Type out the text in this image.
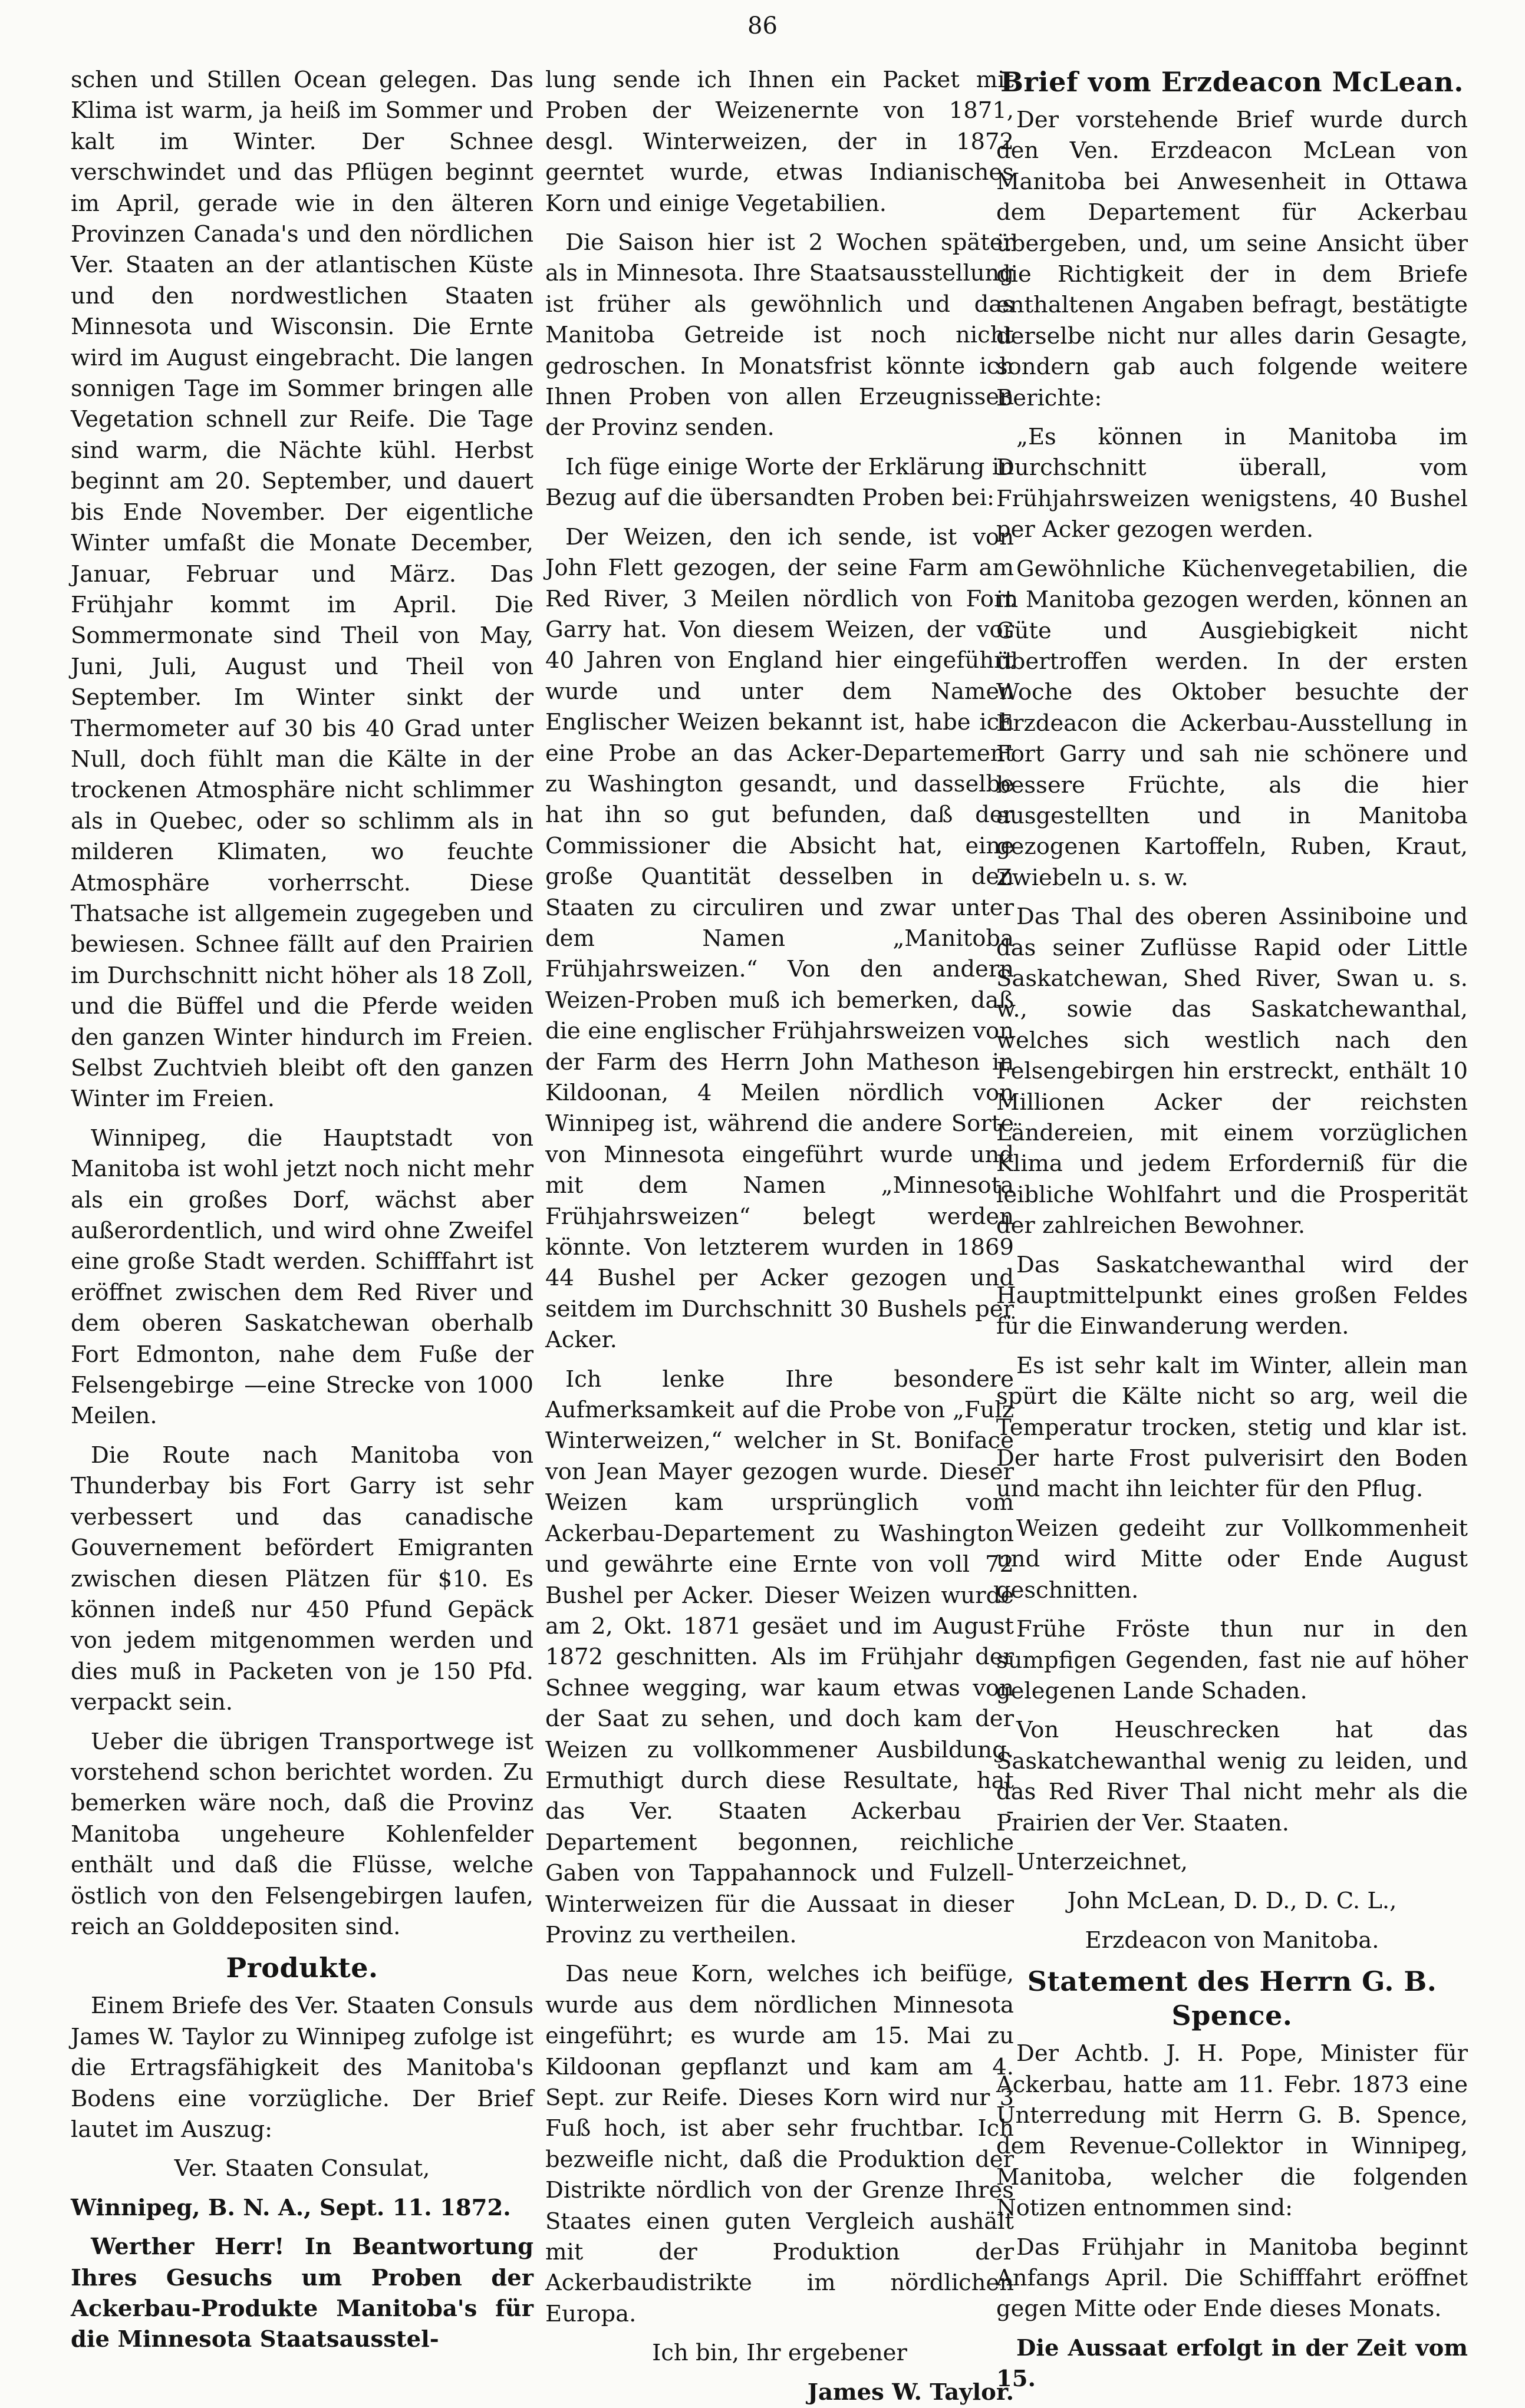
86

schen und Stillen Ocean gelegen. Das Klima ist warm, ja heiß im Sommer und kalt im Winter. Der Schnee verschwindet und das Pflügen beginnt im April, gerade wie in den älteren Provinzen Canada's und den nördlichen Ver. Staaten an der atlantischen Küste und den nordwestlichen Staaten Minnesota und Wisconsin. Die Ernte wird im August eingebracht. Die langen sonnigen Tage im Sommer bringen alle Vegetation schnell zur Reife. Die Tage sind warm, die Nächte kühl. Herbst beginnt am 20. September, und dauert bis Ende November. Der eigentliche Winter umfaßt die Monate December, Januar, Februar und März. Das Frühjahr kommt im April. Die Sommermonate sind Theil von May, Juni, Juli, August und Theil von September. Im Winter sinkt der Thermometer auf 30 bis 40 Grad unter Null, doch fühlt man die Kälte in der trockenen Atmosphäre nicht schlimmer als in Quebec, oder so schlimm als in milderen Klimaten, wo feuchte Atmosphäre vorherrscht. Diese Thatsache ist allgemein zugegeben und bewiesen. Schnee fällt auf den Prairien im Durchschnitt nicht höher als 18 Zoll, und die Büffel und die Pferde weiden den ganzen Winter hindurch im Freien. Selbst Zuchtvieh bleibt oft den ganzen Winter im Freien.

Winnipeg, die Hauptstadt von Manitoba ist wohl jetzt noch nicht mehr als ein großes Dorf, wächst aber außerordentlich, und wird ohne Zweifel eine große Stadt werden. Schifffahrt ist eröffnet zwischen dem Red River und dem oberen Saskatchewan oberhalb Fort Edmonton, nahe dem Fuße der Felsengebirge —eine Strecke von 1000 Meilen.

Die Route nach Manitoba von Thunderbay bis Fort Garry ist sehr verbessert und das canadische Gouvernement befördert Emigranten zwischen diesen Plätzen für $10. Es können indeß nur 450 Pfund Gepäck von jedem mitgenommen werden und dies muß in Packeten von je 150 Pfd. verpackt sein.

Ueber die übrigen Transportwege ist vorstehend schon berichtet worden. Zu bemerken wäre noch, daß die Provinz Manitoba ungeheure Kohlenfelder enthält und daß die Flüsse, welche östlich von den Felsengebirgen laufen, reich an Golddepositen sind.

Produkte.

Einem Briefe des Ver. Staaten Consuls James W. Taylor zu Winnipeg zufolge ist die Ertragsfähigkeit des Manitoba's Bodens eine vorzügliche. Der Brief lautet im Auszug:

Ver. Staaten Consulat,

Winnipeg, B. N. A., Sept. 11. 1872.

Werther Herr! In Beantwortung Ihres Gesuchs um Proben der Ackerbau-Produkte Manitoba's für die Minnesota Staatsausstel-

lung sende ich Ihnen ein Packet mit Proben der Weizenernte von 1871, desgl. Winterweizen, der in 1872 geerntet wurde, etwas Indianisches Korn und einige Vegetabilien.

Die Saison hier ist 2 Wochen später als in Minnesota. Ihre Staatsausstellung ist früher als gewöhnlich und das Manitoba Getreide ist noch nicht gedroschen. In Monatsfrist könnte ich Ihnen Proben von allen Erzeugnissen der Provinz senden.

Ich füge einige Worte der Erklärung in Bezug auf die übersandten Proben bei:

Der Weizen, den ich sende, ist von John Flett gezogen, der seine Farm am Red River, 3 Meilen nördlich von Fort Garry hat. Von diesem Weizen, der vor 40 Jahren von England hier eingeführt wurde und unter dem Namen Englischer Weizen bekannt ist, habe ich eine Probe an das Acker-Departement zu Washington gesandt, und dasselbe hat ihn so gut befunden, daß der Commissioner die Absicht hat, eine große Quantität desselben in den Staaten zu circuliren und zwar unter dem Namen „Manitoba Frühjahrsweizen.“ Von den andern Weizen-Proben muß ich bemerken, daß die eine englischer Frühjahrsweizen von der Farm des Herrn John Matheson in Kildoonan, 4 Meilen nördlich von Winnipeg ist, während die andere Sorte von Minnesota eingeführt wurde und mit dem Namen „Minnesota Frühjahrsweizen“ belegt werden könnte. Von letzterem wurden in 1869 44 Bushel per Acker gezogen und seitdem im Durchschnitt 30 Bushels per Acker.

Ich lenke Ihre besondere Aufmerksamkeit auf die Probe von „Fulz Winterweizen,“ welcher in St. Boniface von Jean Mayer gezogen wurde. Dieser Weizen kam ursprünglich vom Ackerbau-Departement zu Washington und gewährte eine Ernte von voll 72 Bushel per Acker. Dieser Weizen wurde am 2, Okt. 1871 gesäet und im August 1872 geschnitten. Als im Frühjahr der Schnee wegging, war kaum etwas von der Saat zu sehen, und doch kam der Weizen zu vollkommener Ausbildung. Ermuthigt durch diese Resultate, hat das Ver. Staaten Ackerbau - Departement begonnen, reichliche Gaben von Tappahannock und Fulzell-Winterweizen für die Aussaat in dieser Provinz zu vertheilen.

Das neue Korn, welches ich beifüge, wurde aus dem nördlichen Minnesota eingeführt; es wurde am 15. Mai zu Kildoonan gepflanzt und kam am 4. Sept. zur Reife. Dieses Korn wird nur 3 Fuß hoch, ist aber sehr fruchtbar. Ich bezweifle nicht, daß die Produktion der Distrikte nördlich von der Grenze Ihres Staates einen guten Vergleich aushält mit der Produktion der Ackerbaudistrikte im nördlichen Europa.

Ich bin, Ihr ergebener

James W. Taylor.

Brief vom Erzdeacon McLean.

Der vorstehende Brief wurde durch den Ven. Erzdeacon McLean von Manitoba bei Anwesenheit in Ottawa dem Departement für Ackerbau übergeben, und, um seine Ansicht über die Richtigkeit der in dem Briefe enthaltenen Angaben befragt, bestätigte derselbe nicht nur alles darin Gesagte, sondern gab auch folgende weitere Berichte:

„Es können in Manitoba im Durchschnitt überall, vom Frühjahrsweizen wenigstens, 40 Bushel per Acker gezogen werden.

Gewöhnliche Küchenvegetabilien, die in Manitoba gezogen werden, können an Güte und Ausgiebigkeit nicht übertroffen werden. In der ersten Woche des Oktober besuchte der Erzdeacon die Ackerbau-Ausstellung in Fort Garry und sah nie schönere und bessere Früchte, als die hier ausgestellten und in Manitoba gezogenen Kartoffeln, Ruben, Kraut, Zwiebeln u. s. w.

Das Thal des oberen Assiniboine und das seiner Zuflüsse Rapid oder Little Saskatchewan, Shed River, Swan u. s. w., sowie das Saskatchewanthal, welches sich westlich nach den Felsengebirgen hin erstreckt, enthält 10 Millionen Acker der reichsten Ländereien, mit einem vorzüglichen Klima und jedem Erforderniß für die leibliche Wohlfahrt und die Prosperität der zahlreichen Bewohner.

Das Saskatchewanthal wird der Hauptmittelpunkt eines großen Feldes für die Einwanderung werden.

Es ist sehr kalt im Winter, allein man spürt die Kälte nicht so arg, weil die Temperatur trocken, stetig und klar ist. Der harte Frost pulverisirt den Boden und macht ihn leichter für den Pflug.

Weizen gedeiht zur Vollkommenheit und wird Mitte oder Ende August geschnitten.

Frühe Fröste thun nur in den sumpfigen Gegenden, fast nie auf höher gelegenen Lande Schaden.

Von Heuschrecken hat das Saskatchewanthal wenig zu leiden, und das Red River Thal nicht mehr als die Prairien der Ver. Staaten.

Unterzeichnet,

John McLean, D. D., D. C. L.,

Erzdeacon von Manitoba.

Statement des Herrn G. B. Spence.

Der Achtb. J. H. Pope, Minister für Ackerbau, hatte am 11. Febr. 1873 eine Unterredung mit Herrn G. B. Spence, dem Revenue-Collektor in Winnipeg, Manitoba, welcher die folgenden Notizen entnommen sind:

Das Frühjahr in Manitoba beginnt Anfangs April. Die Schifffahrt eröffnet gegen Mitte oder Ende dieses Monats.

Die Aussaat erfolgt in der Zeit vom 15.
